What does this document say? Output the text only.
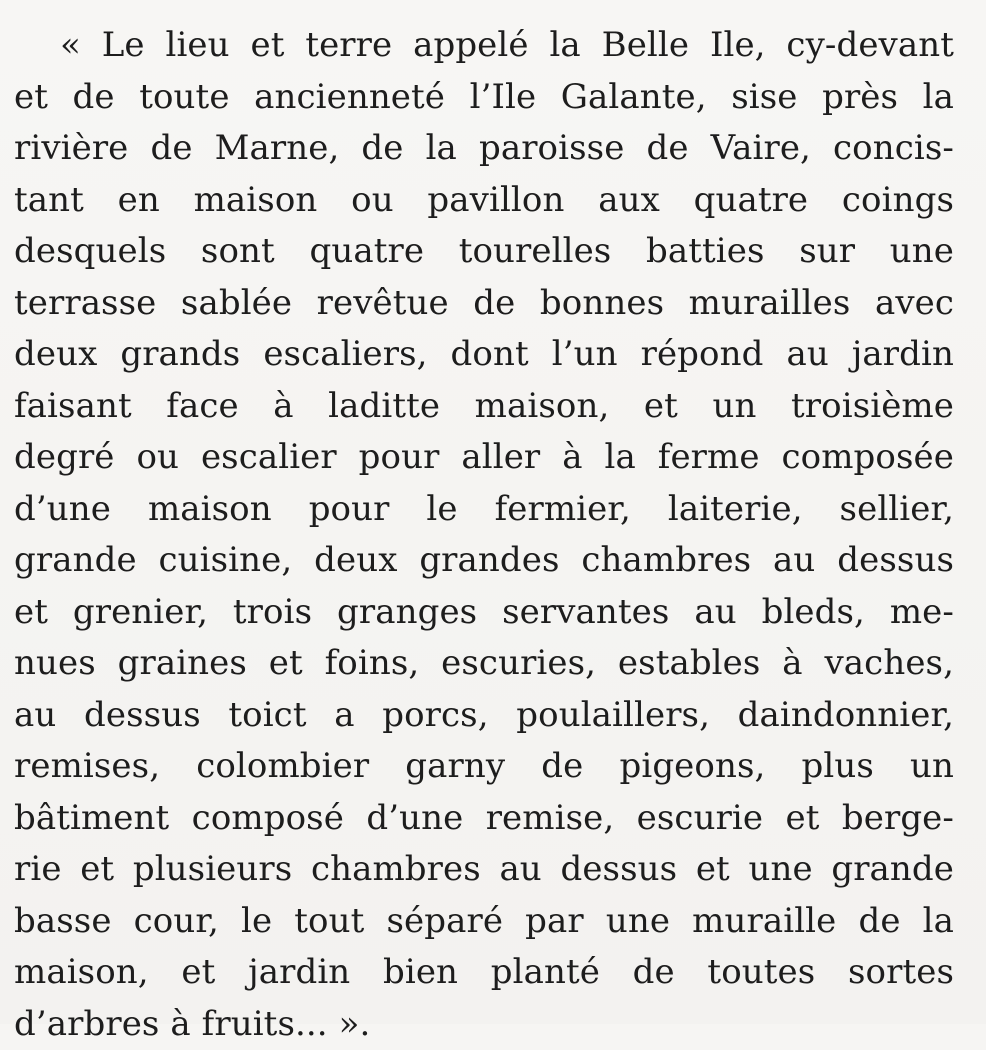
« Le lieu et terre appelé la Belle Ile, cy-devant
et de toute ancienneté l’Ile Galante, sise près la
rivière de Marne, de la paroisse de Vaire, concis-
tant en maison ou pavillon aux quatre coings
desquels sont quatre tourelles batties sur une
terrasse sablée revêtue de bonnes murailles avec
deux grands escaliers, dont l’un répond au jardin
faisant face à laditte maison, et un troisième
degré ou escalier pour aller à la ferme composée
d’une maison pour le fermier, laiterie, sellier,
grande cuisine, deux grandes chambres au dessus
et grenier, trois granges servantes au bleds, me-
nues graines et foins, escuries, estables à vaches,
au dessus toict a porcs, poulaillers, daindonnier,
remises, colombier garny de pigeons, plus un
bâtiment composé d’une remise, escurie et berge-
rie et plusieurs chambres au dessus et une grande
basse cour, le tout séparé par une muraille de la
maison, et jardin bien planté de toutes sortes
d’arbres à fruits... ».
